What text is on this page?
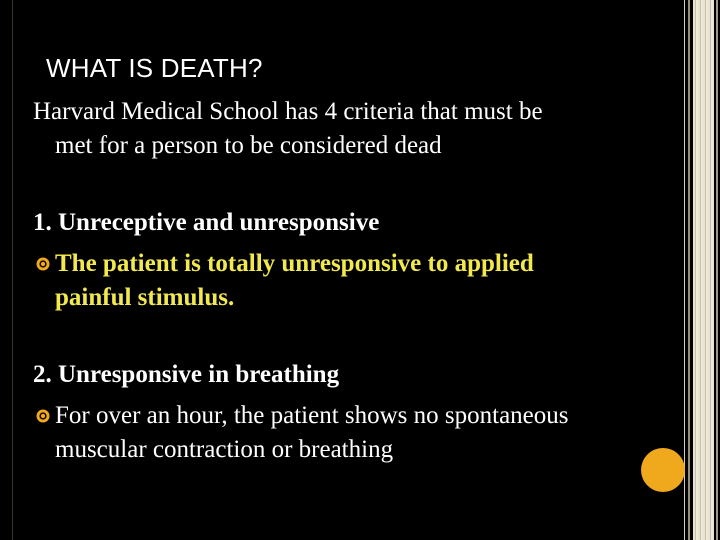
WHAT IS DEATH?
Harvard Medical School has 4 criteria that must be
met for a person to be considered dead
1. Unreceptive and unresponsive
The patient is totally unresponsive to applied
painful stimulus.
2. Unresponsive in breathing
For over an hour, the patient shows no spontaneous
muscular contraction or breathing
